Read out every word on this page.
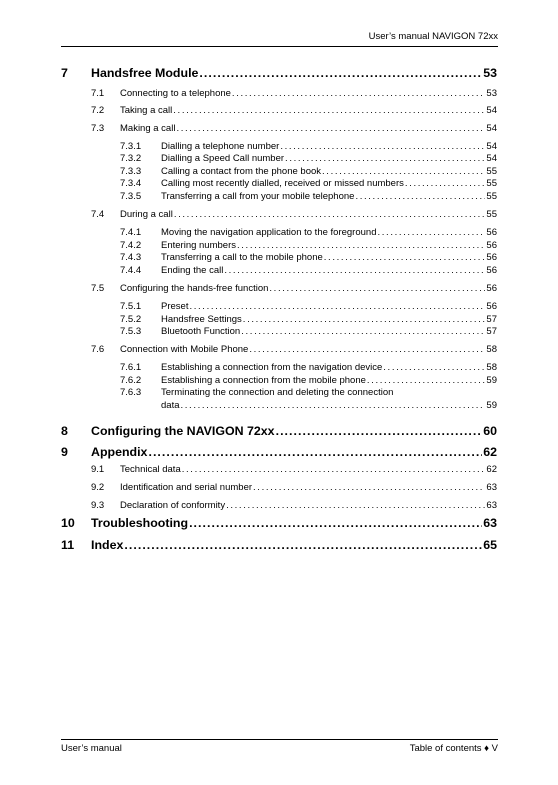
User’s manual NAVIGON 72xx
7	Handsfree Module . . .	53
7.1	Connecting to a telephone . . .	53
7.2	Taking a call . . .	54
7.3	Making a call . . .	54
7.3.1	Dialling a telephone number . . .	54
7.3.2	Dialling a Speed Call number . . .	54
7.3.3	Calling a contact from the phone book . . .	55
7.3.4	Calling most recently dialled, received or missed numbers . . .	55
7.3.5	Transferring a call from your mobile telephone . . .	55
7.4	During a call . . .	55
7.4.1	Moving the navigation application to the foreground . . .	56
7.4.2	Entering numbers . . .	56
7.4.3	Transferring a call to the mobile phone . . .	56
7.4.4	Ending the call . . .	56
7.5	Configuring the hands-free function . . .	56
7.5.1	Preset . . .	56
7.5.2	Handsfree Settings . . .	57
7.5.3	Bluetooth Function . . .	57
7.6	Connection with Mobile Phone . . .	58
7.6.1	Establishing a connection from the navigation device . . .	58
7.6.2	Establishing a connection from the mobile phone . . .	59
7.6.3	Terminating the connection and deleting the connection
data . . .	59
8	Configuring the NAVIGON 72xx . . .	60
9	Appendix . . .	62
9.1	Technical data . . .	62
9.2	Identification and serial number . . .	63
9.3	Declaration of conformity . . .	63
10	Troubleshooting . . .	63
11	Index . . .	65
User’s manual	Table of contents ♦ V
